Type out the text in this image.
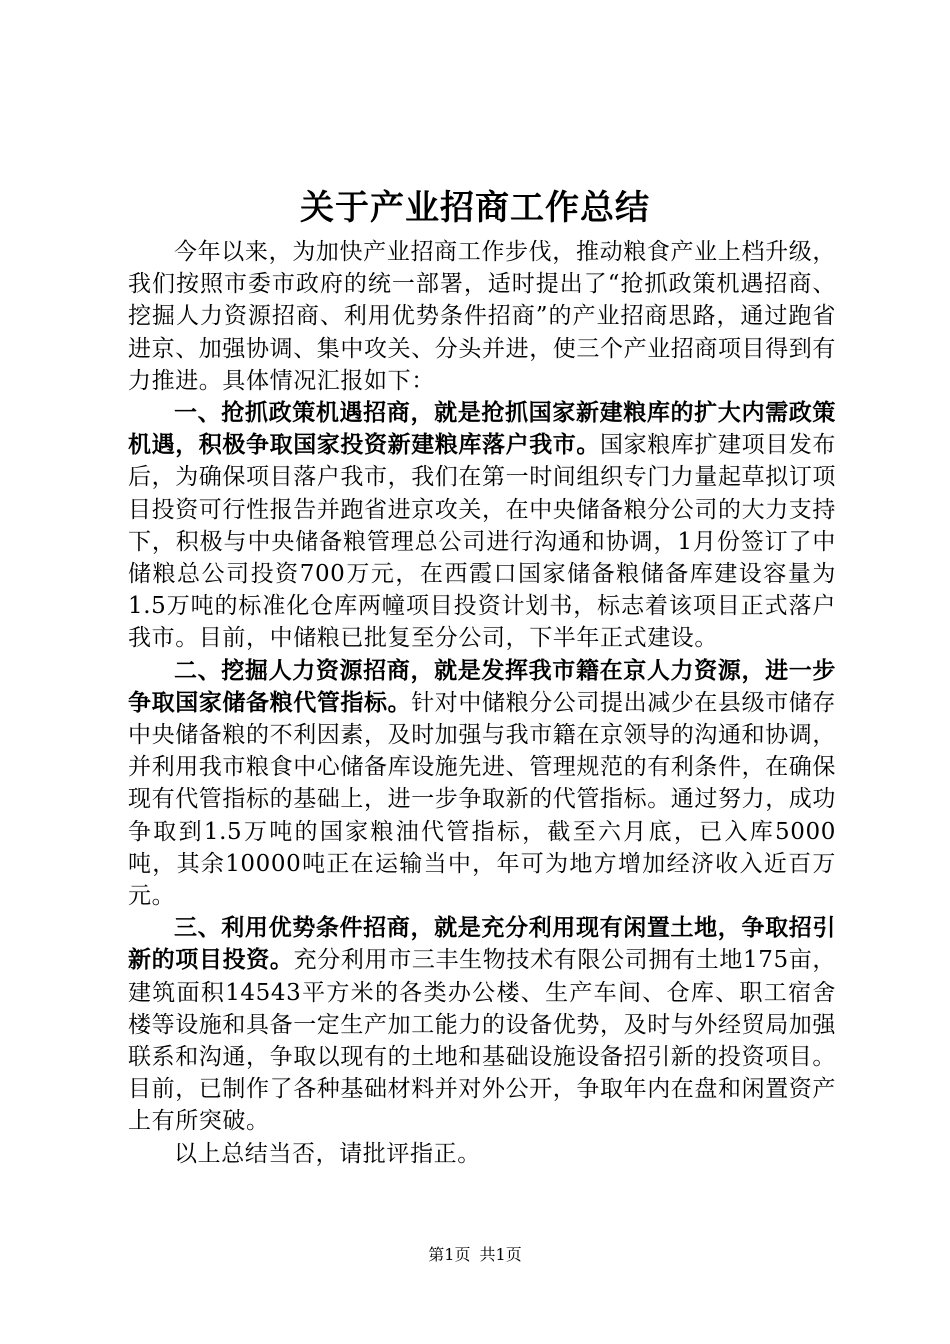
关于产业招商工作总结

今年以来，为加快产业招商工作步伐，推动粮食产业上档升级，我们按照市委市政府的统一部署，适时提出了“抢抓政策机遇招商、挖掘人力资源招商、利用优势条件招商”的产业招商思路，通过跑省进京、加强协调、集中攻关、分头并进，使三个产业招商项目得到有力推进。具体情况汇报如下：

一、抢抓政策机遇招商，就是抢抓国家新建粮库的扩大内需政策机遇，积极争取国家投资新建粮库落户我市。国家粮库扩建项目发布后，为确保项目落户我市，我们在第一时间组织专门力量起草拟订项目投资可行性报告并跑省进京攻关，在中央储备粮分公司的大力支持下，积极与中央储备粮管理总公司进行沟通和协调，1月份签订了中储粮总公司投资700万元，在西霞口国家储备粮储备库建设容量为1.5万吨的标准化仓库两幢项目投资计划书，标志着该项目正式落户我市。目前，中储粮已批复至分公司，下半年正式建设。

二、挖掘人力资源招商，就是发挥我市籍在京人力资源，进一步争取国家储备粮代管指标。针对中储粮分公司提出减少在县级市储存中央储备粮的不利因素，及时加强与我市籍在京领导的沟通和协调，并利用我市粮食中心储备库设施先进、管理规范的有利条件，在确保现有代管指标的基础上，进一步争取新的代管指标。通过努力，成功争取到1.5万吨的国家粮油代管指标，截至六月底，已入库5000吨，其余10000吨正在运输当中，年可为地方增加经济收入近百万元。

三、利用优势条件招商，就是充分利用现有闲置土地，争取招引新的项目投资。充分利用市三丰生物技术有限公司拥有土地175亩，建筑面积14543平方米的各类办公楼、生产车间、仓库、职工宿舍楼等设施和具备一定生产加工能力的设备优势，及时与外经贸局加强联系和沟通，争取以现有的土地和基础设施设备招引新的投资项目。目前，已制作了各种基础材料并对外公开，争取年内在盘和闲置资产上有所突破。

以上总结当否，请批评指正。

第1页 共1页
